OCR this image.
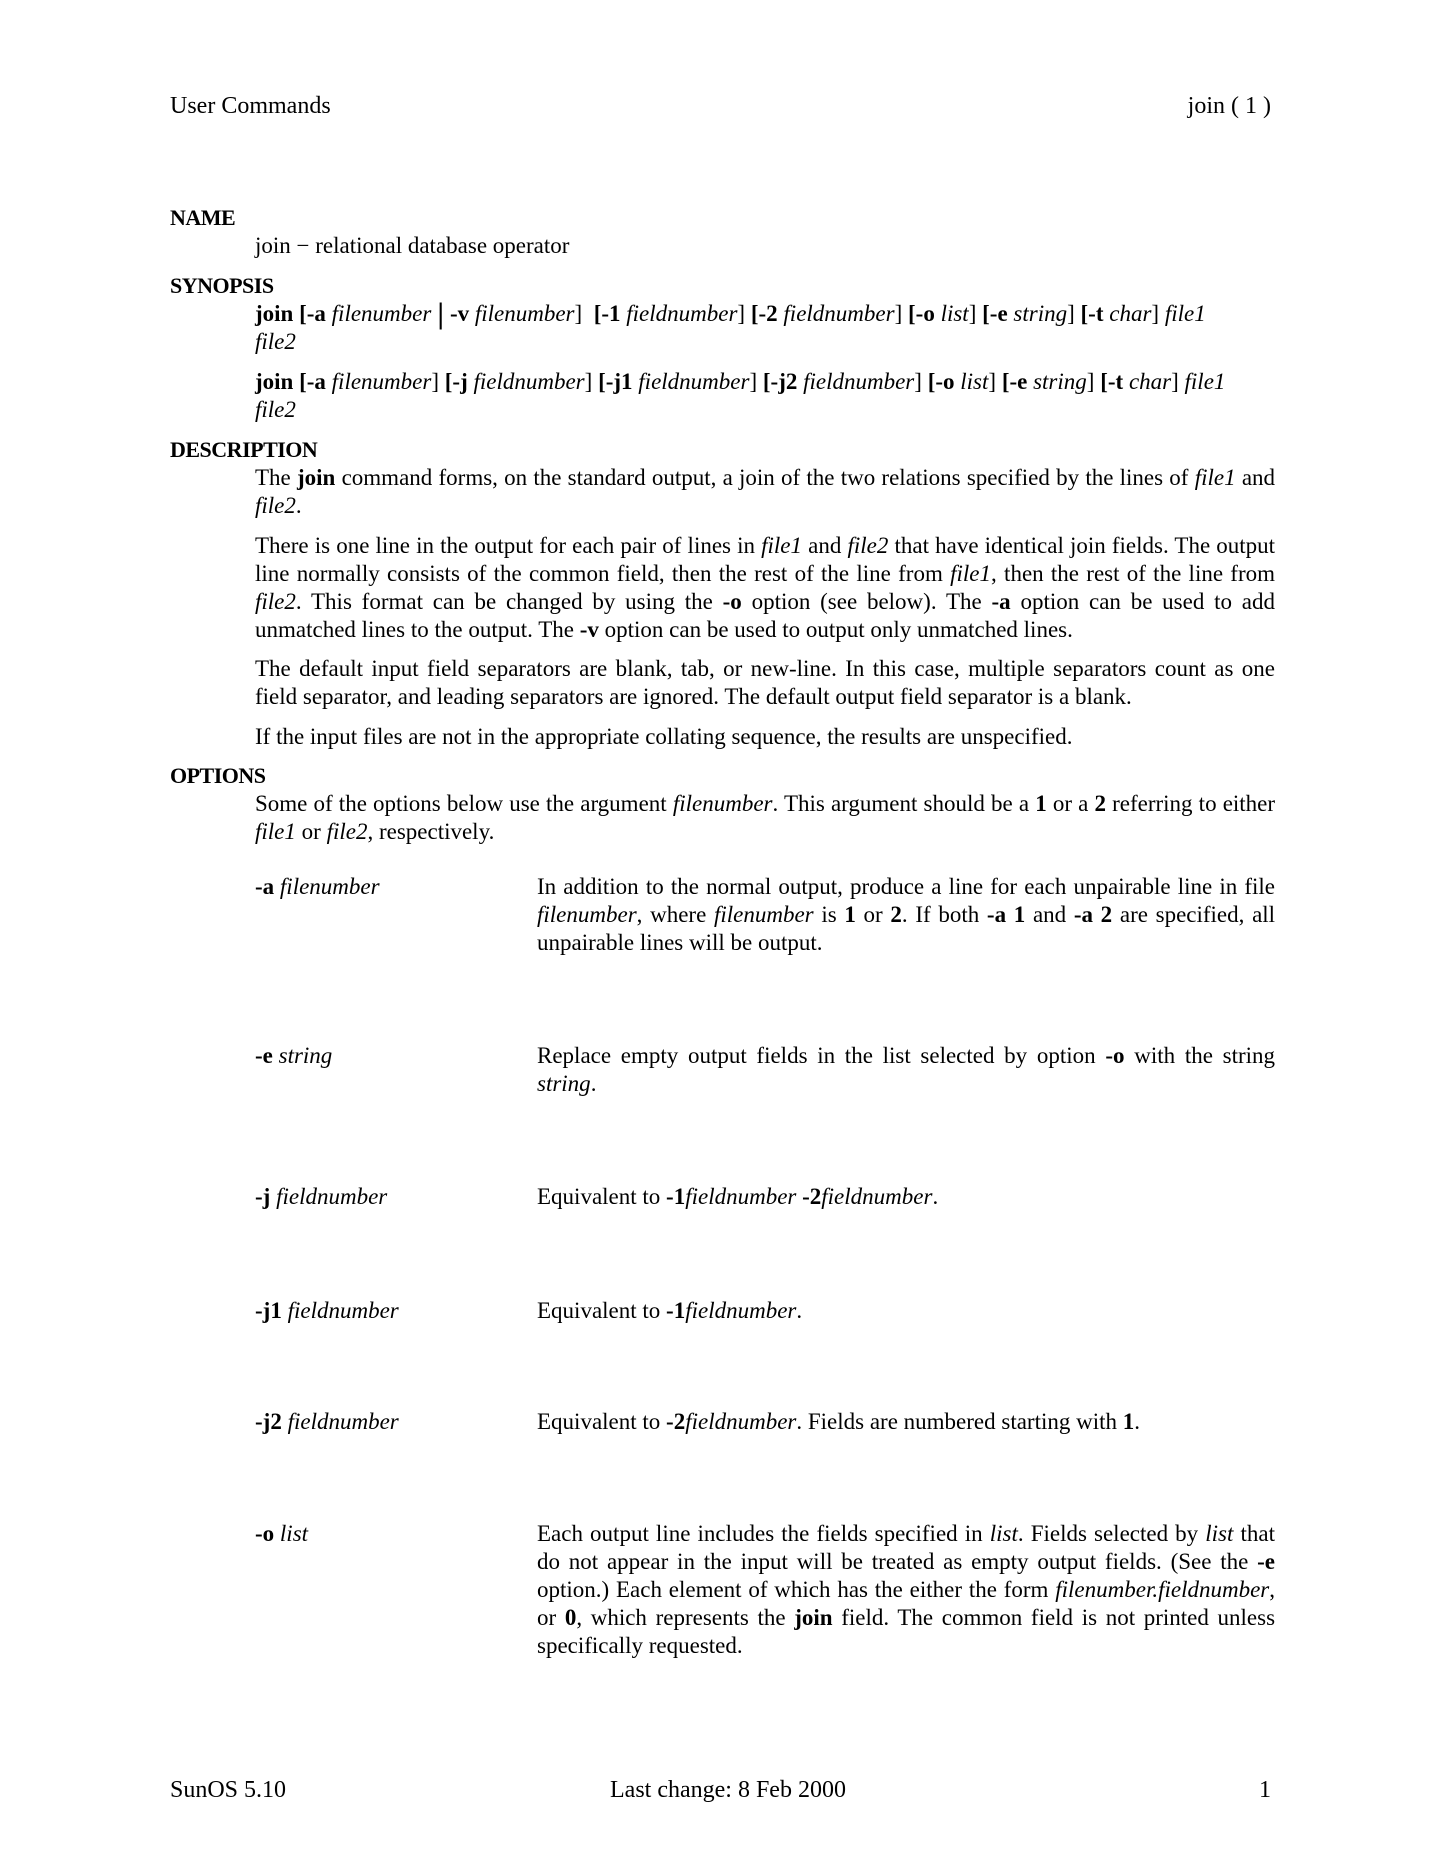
User Commands	join ( 1 )
NAME
join − relational database operator
SYNOPSIS
join [-a filenumber | -v filenumber] [-1 fieldnumber] [-2 fieldnumber] [-o list] [-e string] [-t char] file1
file2
join [-a filenumber] [-j fieldnumber] [-j1 fieldnumber] [-j2 fieldnumber] [-o list] [-e string] [-t char] file1
file2
DESCRIPTION

The join command forms, on the standard output, a join of the two relations specified by the lines of file1 and file2.

There is one line in the output for each pair of lines in file1 and file2 that have identical join fields. The output line normally consists of the common field, then the rest of the line from file1, then the rest of the line from file2. This format can be changed by using the -o option (see below). The -a option can be used to add unmatched lines to the output. The -v option can be used to output only unmatched lines.

The default input field separators are blank, tab, or new-line. In this case, multiple separators count as one field separator, and leading separators are ignored. The default output field separator is a blank.

If the input files are not in the appropriate collating sequence, the results are unspecified.

OPTIONS

Some of the options below use the argument filenumber. This argument should be a 1 or a 2 referring to either file1 or file2, respectively.

-a filenumber	In addition to the normal output, produce a line for each unpairable line in file filenumber, where filenumber is 1 or 2. If both -a 1 and -a 2 are specified, all unpairable lines will be output.

-e string	Replace empty output fields in the list selected by option -o with the string string.

-j fieldnumber	Equivalent to -1fieldnumber -2fieldnumber.

-j1 fieldnumber	Equivalent to -1fieldnumber.

-j2 fieldnumber	Equivalent to -2fieldnumber. Fields are numbered starting with 1.

-o list	Each output line includes the fields specified in list. Fields selected by list that do not appear in the input will be treated as empty output fields. (See the -e option.) Each element of which has the either the form filenumber.fieldnumber, or 0, which represents the join field. The common field is not printed unless specifically requested.

SunOS 5.10	Last change: 8 Feb 2000	1
